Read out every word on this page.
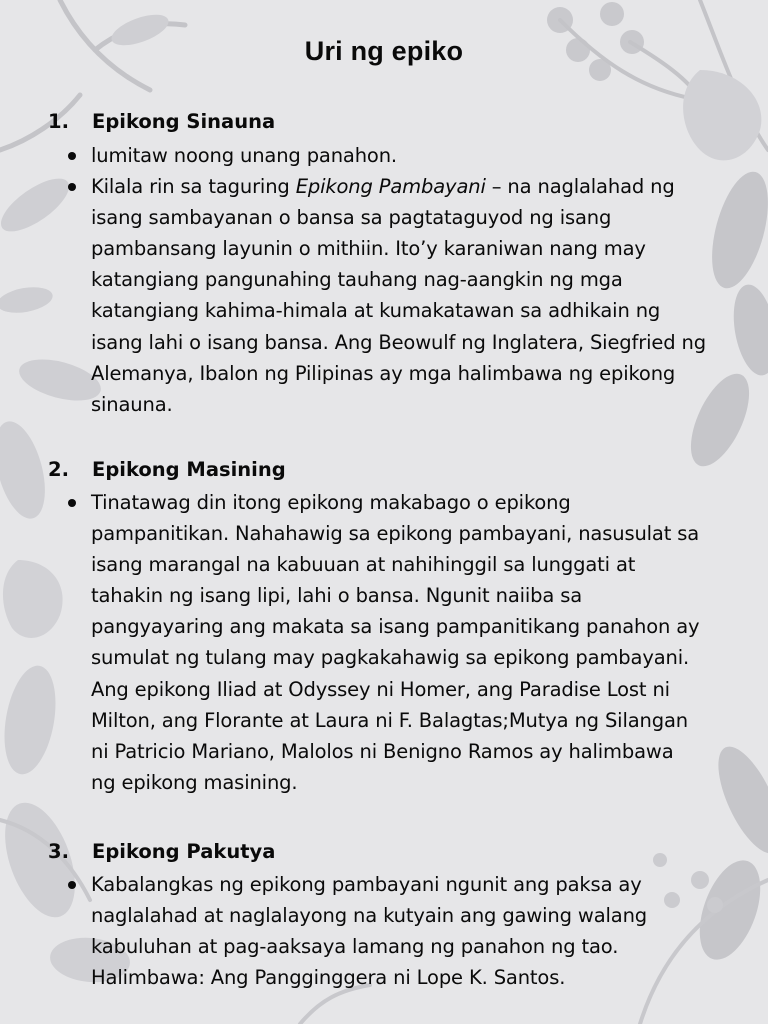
Uri ng epiko
1. Epikong Sinauna
lumitaw noong unang panahon.
Kilala rin sa taguring Epikong Pambayani – na naglalahad ng
isang sambayanan o bansa sa pagtataguyod ng isang
pambansang layunin o mithiin. Ito’y karaniwan nang may
katangiang pangunahing tauhang nag-aangkin ng mga
katangiang kahima-himala at kumakatawan sa adhikain ng
isang lahi o isang bansa. Ang Beowulf ng Inglatera, Siegfried ng
Alemanya, Ibalon ng Pilipinas ay mga halimbawa ng epikong
sinauna.
2. Epikong Masining
Tinatawag din itong epikong makabago o epikong
pampanitikan. Nahahawig sa epikong pambayani, nasusulat sa
isang marangal na kabuuan at nahihinggil sa lunggati at
tahakin ng isang lipi, lahi o bansa. Ngunit naiiba sa
pangyayaring ang makata sa isang pampanitikang panahon ay
sumulat ng tulang may pagkakahawig sa epikong pambayani.
Ang epikong Iliad at Odyssey ni Homer, ang Paradise Lost ni
Milton, ang Florante at Laura ni F. Balagtas;Mutya ng Silangan
ni Patricio Mariano, Malolos ni Benigno Ramos ay halimbawa
ng epikong masining.
3. Epikong Pakutya
Kabalangkas ng epikong pambayani ngunit ang paksa ay
naglalahad at naglalayong na kutyain ang gawing walang
kabuluhan at pag-aaksaya lamang ng panahon ng tao.
Halimbawa: Ang Pangginggera ni Lope K. Santos.
